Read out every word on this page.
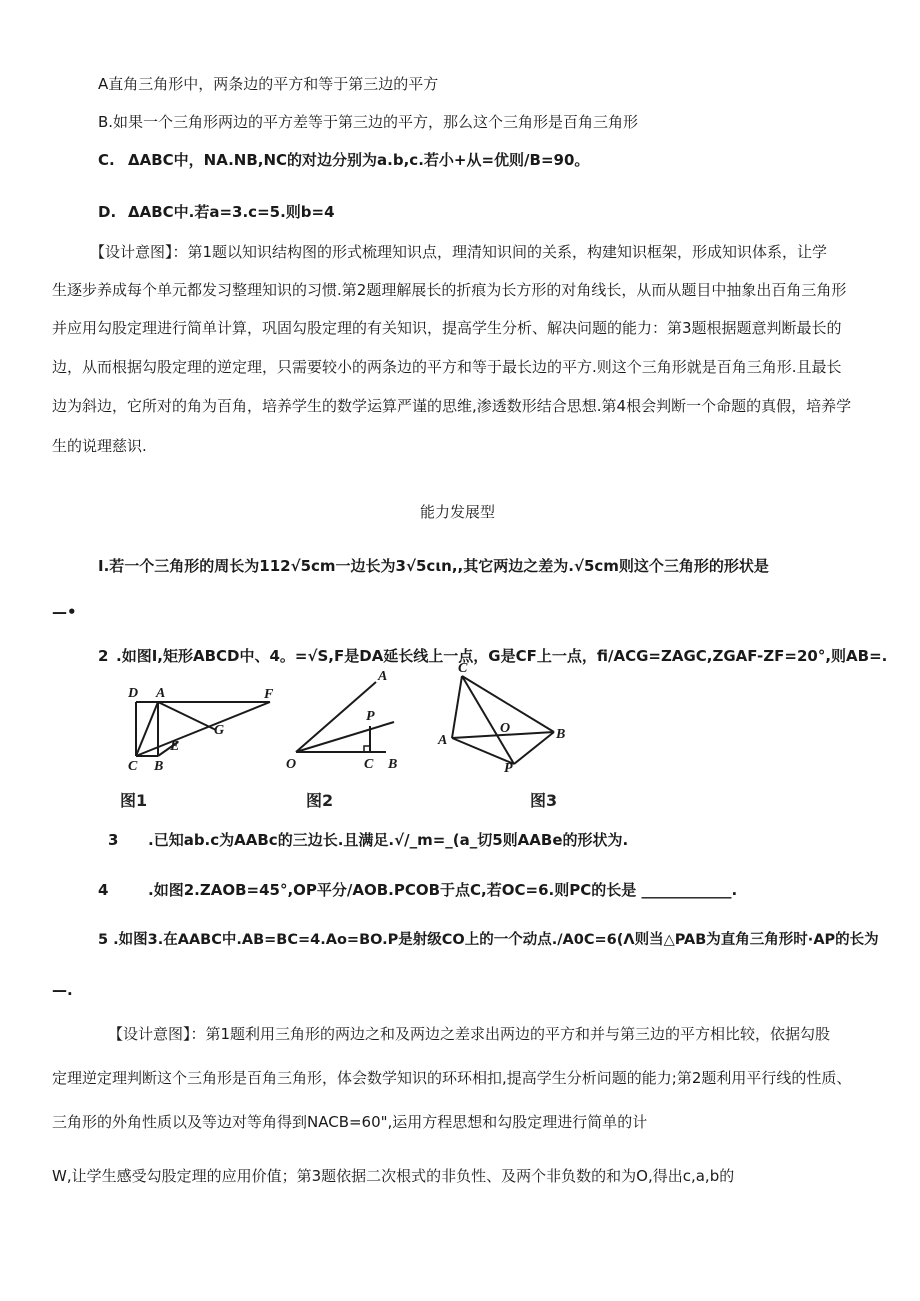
A直角三角形中，两条边的平方和等于第三边的平方
B.如果一个三角形两边的平方差等于第三边的平方，那么这个三角形是百角三角形
C. ΔABC中，NA.NB,NC的对边分别为a.b,c.若小+从=优则/B=90。
D. ΔABC中.若a=3.c=5.则b=4
【设计意图】：第1题以知识结构图的形式梳理知识点，理清知识间的关系，构建知识框架，形成知识体系，让学
生逐步养成每个单元都发习整理知识的习惯.第2题理解展长的折痕为长方形的对角线长，从而从题目中抽象出百角三角形
并应用勾股定理进行简单计算，巩固勾股定理的有关知识，提高学生分析、解决问题的能力：第3题根据题意判断最长的
边，从而根据勾股定理的逆定理，只需要较小的两条边的平方和等于最长边的平方.则这个三角形就是百角三角形.且最长
边为斜边，它所对的角为百角，培养学生的数学运算严谨的思维,渗透数形结合思想.第4根会判断一个命题的真假，培养学
生的说理慈识.
能力发展型
I.若一个三角形的周长为112√5cm一边长为3√5cιn,,其它两边之差为.√5cm则这个三角形的形状是
—•
2 .如图I,矩形ABCD中、4。=√S,F是DA延长线上一点，G是CF上一点，fi∕ACG=ZAGC,ZGAF-ZF=20°,则AB=.
D A	F
G
E
C B
图1
A
P
O	C B
图2
C
O
A	B
P
图3
3 .已知ab.c为AABc的三边长.且满足.√/_m=_(a_切5则AABe的形状为.
4	.如图2.ZAOB=45°,OP平分/AOB.PCOB于点C,若OC=6.则PC的长是 ____________.
5 .如图3.在AABC中.AB=BC=4.Ao=BO.P是射级CO上的一个动点./A0C=6(Λ则当△PAB为直角三角形时·AP的长为
—.
【设计意图】：第1题利用三角形的两边之和及两边之差求出两边的平方和并与第三边的平方相比较，依据勾股
定理逆定理判断这个三角形是百角三角形，体会数学知识的环环相扣,提高学生分析问题的能力;第2题利用平行线的性质、
三角形的外角性质以及等边对等角得到NACB=60",运用方程思想和勾股定理进行简单的计
W,让学生感受勾股定理的应用价值；第3题依据二次根式的非负性、及两个非负数的和为O,得出c,a,b的
